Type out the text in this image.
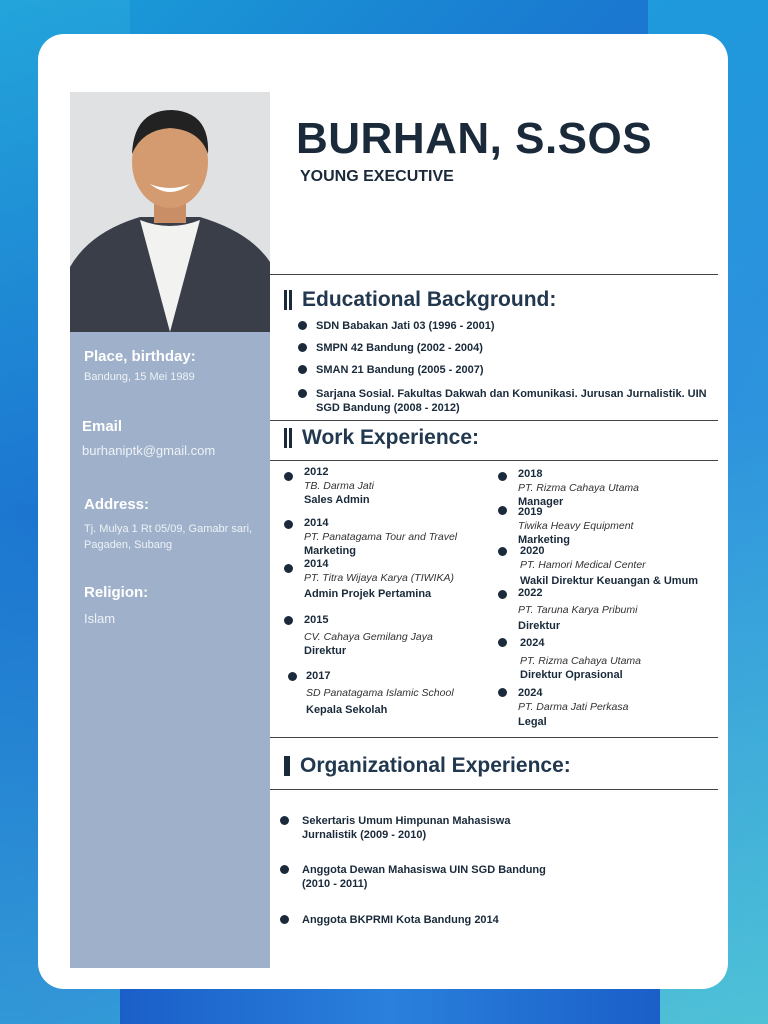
Place, birthday:
Bandung, 15 Mei 1989
Email
burhaniptk@gmail.com
Address:
Tj. Mulya 1 Rt 05/09, Gamabr sari, Pagaden, Subang
Religion:
Islam
BURHAN, S.SOS
YOUNG EXECUTIVE
Educational Background:
SDN Babakan Jati 03 (1996 - 2001)
SMPN 42 Bandung (2002 - 2004)
SMAN 21 Bandung (2005 - 2007)
Sarjana Sosial. Fakultas Dakwah dan Komunikasi. Jurusan Jurnalistik. UIN SGD Bandung (2008 - 2012)
Work Experience:
2012
TB. Darma Jati
Sales Admin
2014
PT. Panatagama Tour and Travel
Marketing
2014
PT. Titra Wijaya Karya (TIWIKA)
Admin Projek Pertamina
2015
CV. Cahaya Gemilang Jaya
Direktur
2017
SD Panatagama Islamic School
Kepala Sekolah
2018
PT. Rizma Cahaya Utama
Manager
2019
Tiwika Heavy Equipment
Marketing
2020
PT. Hamori Medical Center
Wakil Direktur Keuangan & Umum
2022
PT. Taruna Karya Pribumi
Direktur
2024
PT. Rizma Cahaya Utama
Direktur Oprasional
2024
PT. Darma Jati Perkasa
Legal
Organizational Experience:
Sekertaris Umum Himpunan Mahasiswa Jurnalistik (2009 - 2010)
Anggota Dewan Mahasiswa UIN SGD Bandung (2010 - 2011)
Anggota BKPRMI Kota Bandung 2014
